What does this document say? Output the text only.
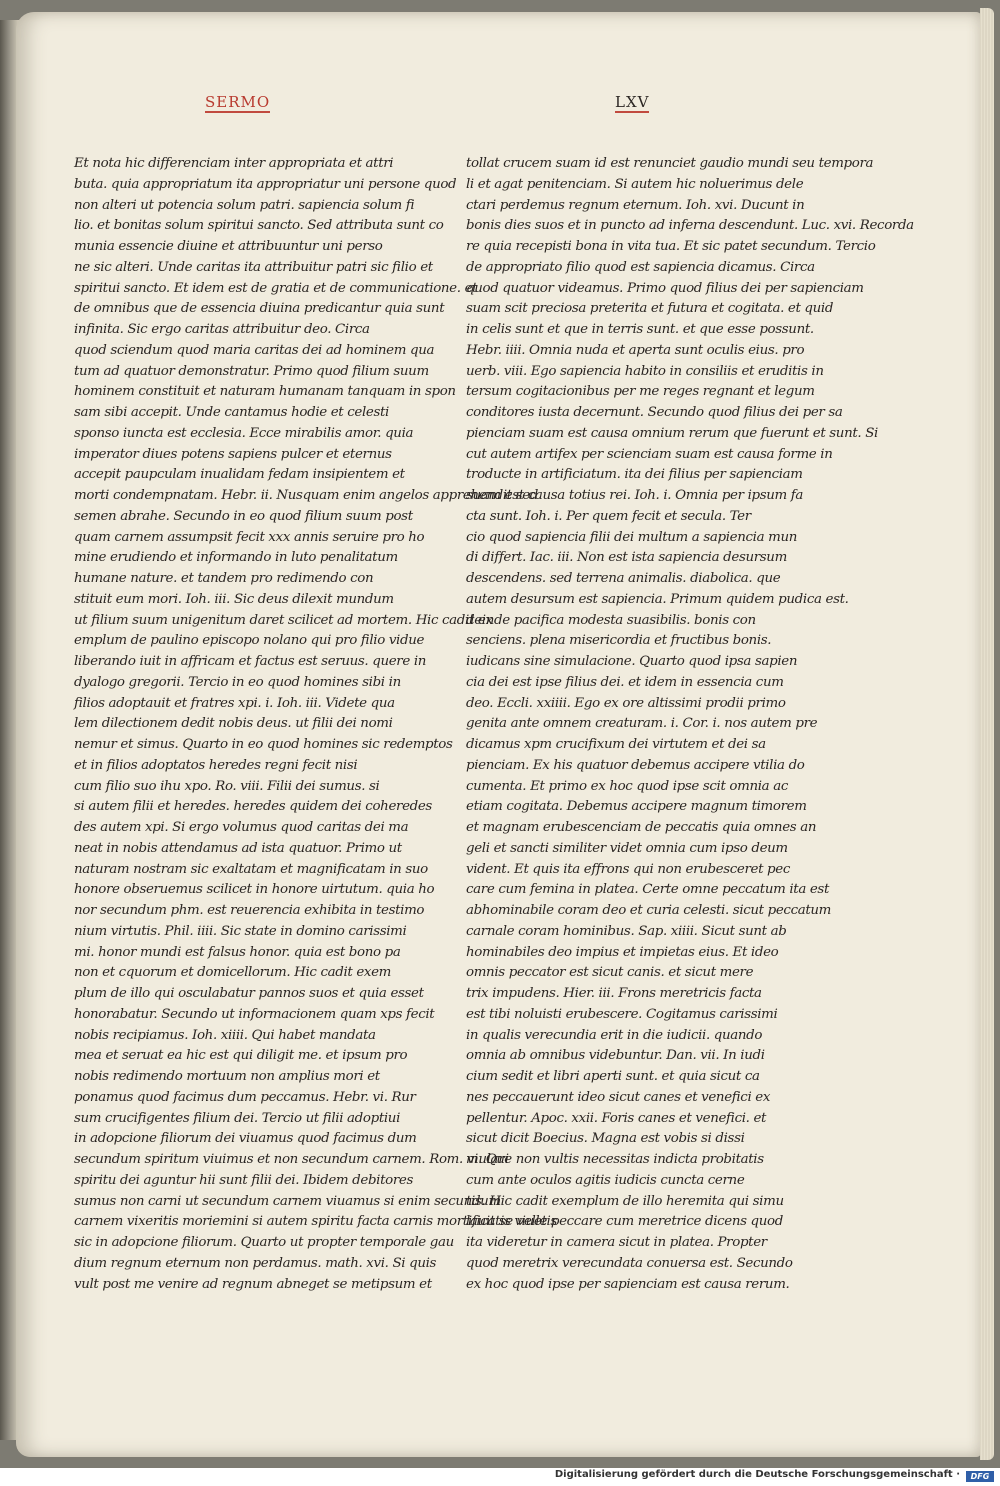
SERMO	LXV
Et nota hic differenciam inter appropriata et attri
buta. quia appropriatum ita appropriatur uni persone quod
non alteri ut potencia solum patri. sapiencia solum fi
lio. et bonitas solum spiritui sancto. Sed attributa sunt co
munia essencie diuine et attribuuntur uni perso
ne sic alteri. Unde caritas ita attribuitur patri sic filio et
spiritui sancto. Et idem est de gratia et de communicatione. et
de omnibus que de essencia diuina predicantur quia sunt
infinita. Sic ergo caritas attribuitur deo. Circa
quod sciendum quod maria caritas dei ad hominem qua
tum ad quatuor demonstratur. Primo quod filium suum
hominem constituit et naturam humanam tanquam in spon
sam sibi accepit. Unde cantamus hodie et celesti
sponso iuncta est ecclesia. Ecce mirabilis amor. quia
imperator diues potens sapiens pulcer et eternus
accepit paupculam inualidam fedam insipientem et
morti condempnatam. Hebr. ii. Nusquam enim angelos apprehendit sed
semen abrahe. Secundo in eo quod filium suum post
quam carnem assumpsit fecit xxx annis seruire pro ho
mine erudiendo et informando in luto penalitatum
humane nature. et tandem pro redimendo con
stituit eum mori. Ioh. iii. Sic deus dilexit mundum
ut filium suum unigenitum daret scilicet ad mortem. Hic cadit ex
emplum de paulino episcopo nolano qui pro filio vidue
liberando iuit in affricam et factus est seruus. quere in
dyalogo gregorii. Tercio in eo quod homines sibi in
filios adoptauit et fratres xpi. i. Ioh. iii. Videte qua
lem dilectionem dedit nobis deus. ut filii dei nomi
nemur et simus. Quarto in eo quod homines sic redemptos
et in filios adoptatos heredes regni fecit nisi
cum filio suo ihu xpo. Ro. viii. Filii dei sumus. si
si autem filii et heredes. heredes quidem dei coheredes
des autem xpi. Si ergo volumus quod caritas dei ma
neat in nobis attendamus ad ista quatuor. Primo ut
naturam nostram sic exaltatam et magnificatam in suo
honore obseruemus scilicet in honore uirtutum. quia ho
nor secundum phm. est reuerencia exhibita in testimo
nium virtutis. Phil. iiii. Sic state in domino carissimi
mi. honor mundi est falsus honor. quia est bono pa
non et cquorum et domicellorum. Hic cadit exem
plum de illo qui osculabatur pannos suos et quia esset
honorabatur. Secundo ut informacionem quam xps fecit
nobis recipiamus. Ioh. xiiii. Qui habet mandata
mea et seruat ea hic est qui diligit me. et ipsum pro
nobis redimendo mortuum non amplius mori et
ponamus quod facimus dum peccamus. Hebr. vi. Rur
sum crucifigentes filium dei. Tercio ut filii adoptiui
in adopcione filiorum dei viuamus quod facimus dum
secundum spiritum viuimus et non secundum carnem. Rom. vi. Qui
spiritu dei aguntur hii sunt filii dei. Ibidem debitores
sumus non carni ut secundum carnem viuamus si enim secundum
carnem vixeritis moriemini si autem spiritu facta carnis mortificatis viuetis
sic in adopcione filiorum. Quarto ut propter temporale gau
dium regnum eternum non perdamus. math. xvi. Si quis
vult post me venire ad regnum abneget se metipsum et
tollat crucem suam id est renunciet gaudio mundi seu tempora
li et agat penitenciam. Si autem hic noluerimus dele
ctari perdemus regnum eternum. Ioh. xvi. Ducunt in
bonis dies suos et in puncto ad inferna descendunt. Luc. xvi. Recorda
re quia recepisti bona in vita tua. Et sic patet secundum. Tercio
de appropriato filio quod est sapiencia dicamus. Circa
quod quatuor videamus. Primo quod filius dei per sapienciam
suam scit preciosa preterita et futura et cogitata. et quid
in celis sunt et que in terris sunt. et que esse possunt.
Hebr. iiii. Omnia nuda et aperta sunt oculis eius. pro
uerb. viii. Ego sapiencia habito in consiliis et eruditis in
tersum cogitacionibus per me reges regnant et legum
conditores iusta decernunt. Secundo quod filius dei per sa
pienciam suam est causa omnium rerum que fuerunt et sunt. Si
cut autem artifex per scienciam suam est causa forme in
troducte in artificiatum. ita dei filius per sapienciam
suam est causa totius rei. Ioh. i. Omnia per ipsum fa
cta sunt. Ioh. i. Per quem fecit et secula. Ter
cio quod sapiencia filii dei multum a sapiencia mun
di differt. Iac. iii. Non est ista sapiencia desursum
descendens. sed terrena animalis. diabolica. que
autem desursum est sapiencia. Primum quidem pudica est.
deinde pacifica modesta suasibilis. bonis con
senciens. plena misericordia et fructibus bonis.
iudicans sine simulacione. Quarto quod ipsa sapien
cia dei est ipse filius dei. et idem in essencia cum
deo. Eccli. xxiiii. Ego ex ore altissimi prodii primo
genita ante omnem creaturam. i. Cor. i. nos autem pre
dicamus xpm crucifixum dei virtutem et dei sa
pienciam. Ex his quatuor debemus accipere vtilia do
cumenta. Et primo ex hoc quod ipse scit omnia ac
etiam cogitata. Debemus accipere magnum timorem
et magnam erubescenciam de peccatis quia omnes an
geli et sancti similiter videt omnia cum ipso deum
vident. Et quis ita effrons qui non erubesceret pec
care cum femina in platea. Certe omne peccatum ita est
abhominabile coram deo et curia celesti. sicut peccatum
carnale coram hominibus. Sap. xiiii. Sicut sunt ab
hominabiles deo impius et impietas eius. Et ideo
omnis peccator est sicut canis. et sicut mere
trix impudens. Hier. iii. Frons meretricis facta
est tibi noluisti erubescere. Cogitamus carissimi
in qualis verecundia erit in die iudicii. quando
omnia ab omnibus videbuntur. Dan. vii. In iudi
cium sedit et libri aperti sunt. et quia sicut ca
nes peccauerunt ideo sicut canes et venefici ex
pellentur. Apoc. xxii. Foris canes et venefici. et
sicut dicit Boecius. Magna est vobis si dissi
mulare non vultis necessitas indicta probitatis
cum ante oculos agitis iudicis cuncta cerne
tis. Hic cadit exemplum de illo heremita qui simu
lauit se velle peccare cum meretrice dicens quod
ita videretur in camera sicut in platea. Propter
quod meretrix verecundata conuersa est. Secundo
ex hoc quod ipse per sapienciam est causa rerum.
Digitalisierung gefördert durch die Deutsche Forschungsgemeinschaft ·	DFG
